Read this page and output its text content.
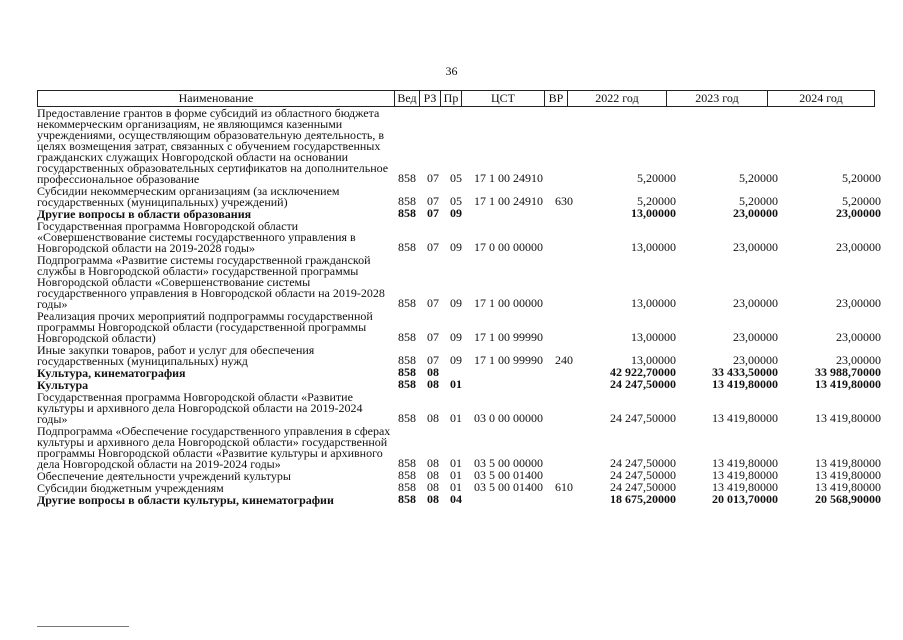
36
Наименование	Вед РЗ Пр	ЦСТ	ВР	2022 год	2023 год	2024 год
Предоставление грантов в форме субсидий из областного бюджета некоммерческим организациям, не являющимся казенными учреждениями, осуществляющим образовательную деятельность, в целях возмещения затрат, связанных с обучением государственных гражданских служащих Новгородской области на основании государственных образовательных сертификатов на дополнительное профессиональное образование	858 07 05 17 1 00 24910	5,20000	5,20000	5,20000
Субсидии некоммерческим организациям (за исключением государственных (муниципальных) учреждений)	858 07 05 17 1 00 24910 630	5,20000	5,20000	5,20000
Другие вопросы в области образования	858 07 09	13,00000	23,00000	23,00000
Государственная программа Новгородской области «Совершенствование системы государственного управления в Новгородской области на 2019-2028 годы»	858 07 09 17 0 00 00000	13,00000	23,00000	23,00000
Подпрограмма «Развитие системы государственной гражданской службы в Новгородской области» государственной программы Новгородской области «Совершенствование системы государственного управления в Новгородской области на 2019-2028 годы»	858 07 09 17 1 00 00000	13,00000	23,00000	23,00000
Реализация прочих мероприятий подпрограммы государственной программы Новгородской области (государственной программы Новгородской области)	858 07 09 17 1 00 99990	13,00000	23,00000	23,00000
Иные закупки товаров, работ и услуг для обеспечения государственных (муниципальных) нужд	858 07 09 17 1 00 99990 240	13,00000	23,00000	23,00000
Культура, кинематография	858 08	42 922,70000	33 433,50000	33 988,70000
Культура	858 08 01	24 247,50000	13 419,80000	13 419,80000
Государственная программа Новгородской области «Развитие культуры и архивного дела Новгородской области на 2019-2024 годы»	858 08 01 03 0 00 00000	24 247,50000	13 419,80000	13 419,80000
Подпрограмма «Обеспечение государственного управления в сферах культуры и архивного дела Новгородской области» государственной программы Новгородской области «Развитие культуры и архивного дела Новгородской области на 2019-2024 годы»	858 08 01 03 5 00 00000	24 247,50000	13 419,80000	13 419,80000
Обеспечение деятельности учреждений культуры	858 08 01 03 5 00 01400	24 247,50000	13 419,80000	13 419,80000
Субсидии бюджетным учреждениям	858 08 01 03 5 00 01400 610	24 247,50000	13 419,80000	13 419,80000
Другие вопросы в области культуры, кинематографии	858 08 04	18 675,20000	20 013,70000	20 568,90000
